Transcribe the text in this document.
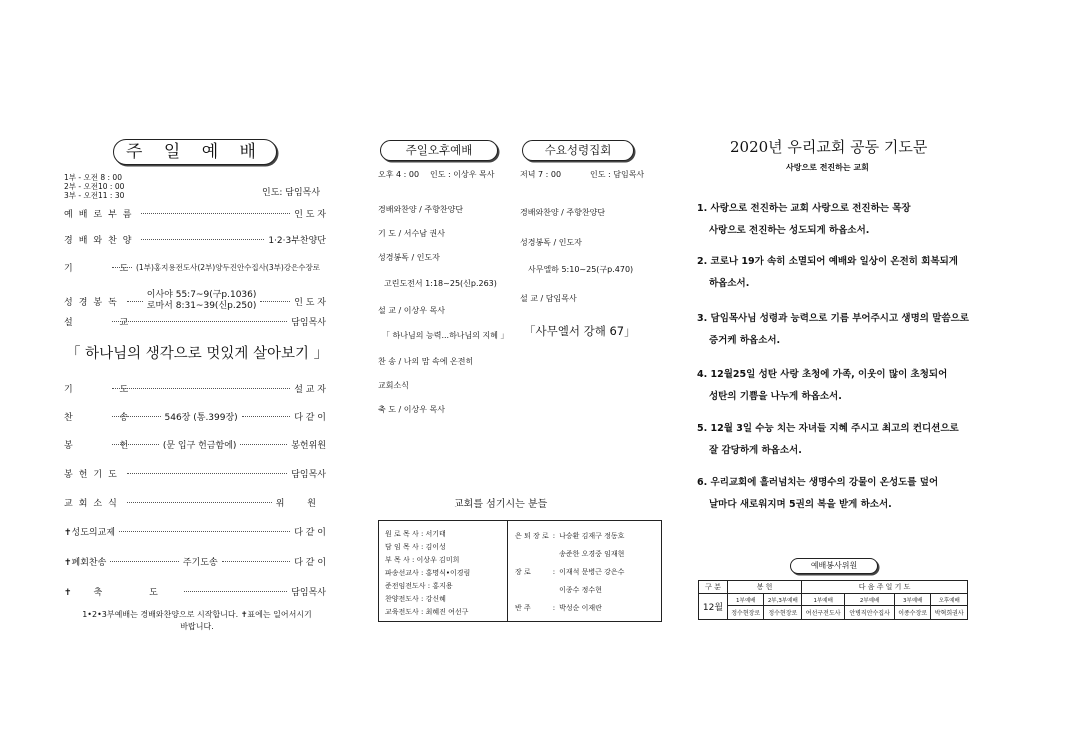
주 일 예 배
1부 - 오전 8 : 00
2부 - 오전10 : 00
3부 - 오전11 : 30	인도: 담임목사
예배로부름	인 도 자
경배와찬양	1·2·3부찬양단
기 도
(1부)홍지용전도사(2부)양두진안수집사(3부)강은수장로
성경봉독
이사야 55:7~9(구p.1036)
로마서 8:31~39(신p.250)	인 도 자
설 교	담임목사
「 하나님의 생각으로 멋있게 살아보기 」
기 도	설 교 자
찬 송 546장 (통.399장)	다 같 이
봉 헌 (문 입구 헌금함에)	봉헌위원
봉헌기도	담임목사
교회소식	위 원
✝성도의교제	다 같 이
✝폐회찬송	주기도송	다 같 이
✝축 도	담임목사
1•2•3부예배는 경배와찬양으로 시작합니다. ✝표에는 일어서시기
바랍니다.
주일오후예배
오후 4 : 00 인도 : 이상우 목사
경배와찬양 / 주향찬양단
기 도 / 서수남 권사
성경봉독 / 인도자
고린도전서 1:18~25(신p.263)
설 교 / 이상우 목사
「 하나님의 능력...하나님의 지혜 」
찬 송 / 나의 맘 속에 온전히
교회소식
축 도 / 이상우 목사
수요성령집회
저녁 7 : 00	인도 : 담임목사
경배와찬양 / 주향찬양단
성경봉독 / 인도자
사무엘하 5:10~25(구p.470)
설 교 / 담임목사
「사무엘서 강해 67」
교회를 섬기시는 분들
원 로 목 사 : 서기태
담 임 목 사 : 김이성
부 목 사 : 이상우 김미희
파송선교사 : 홍명식•이경림
준전임전도사 : 홍지용
찬양전도사 : 강신혜
교육전도사 : 최혜진 여선구
은 퇴 장 로	:	나승환 김재구 정동호
		송준한 오경중 임재현
장 로	:	이재석 문병근 강은수
		이종수 정수현
반 주	:	박성순 이재란
2020년 우리교회 공동 기도문
사랑으로 전진하는 교회
1. 사랑으로 전진하는 교회 사랑으로 전진하는 목장
사랑으로 전진하는 성도되게 하옵소서.
2. 코로나 19가 속히 소멸되어 예배와 일상이 온전히 회복되게
하옵소서.
3. 담임목사님 성령과 능력으로 기름 부어주시고 생명의 말씀으로
증거케 하옵소서.
4. 12월25일 성탄 사랑 초청에 가족, 이웃이 많이 초청되어
성탄의 기쁨을 나누게 하옵소서.
5. 12월 3일 수능 치는 자녀들 지혜 주시고 최고의 컨디션으로
잘 감당하게 하옵소서.
6. 우리교회에 흘러넘치는 생명수의 강물이 온성도를 덮어
날마다 새로워지며 5권의 복을 받게 하소서.
예배봉사위원
구 분	봉 헌		다 음 주 일 기 도			
12월	1부예배	2부,3부예배	1부예배	2부예배	3부예배	오후예배
	정수현장로	정수현장로	여선구전도사	안병직안수집사	이종수장로	박혁희권사
